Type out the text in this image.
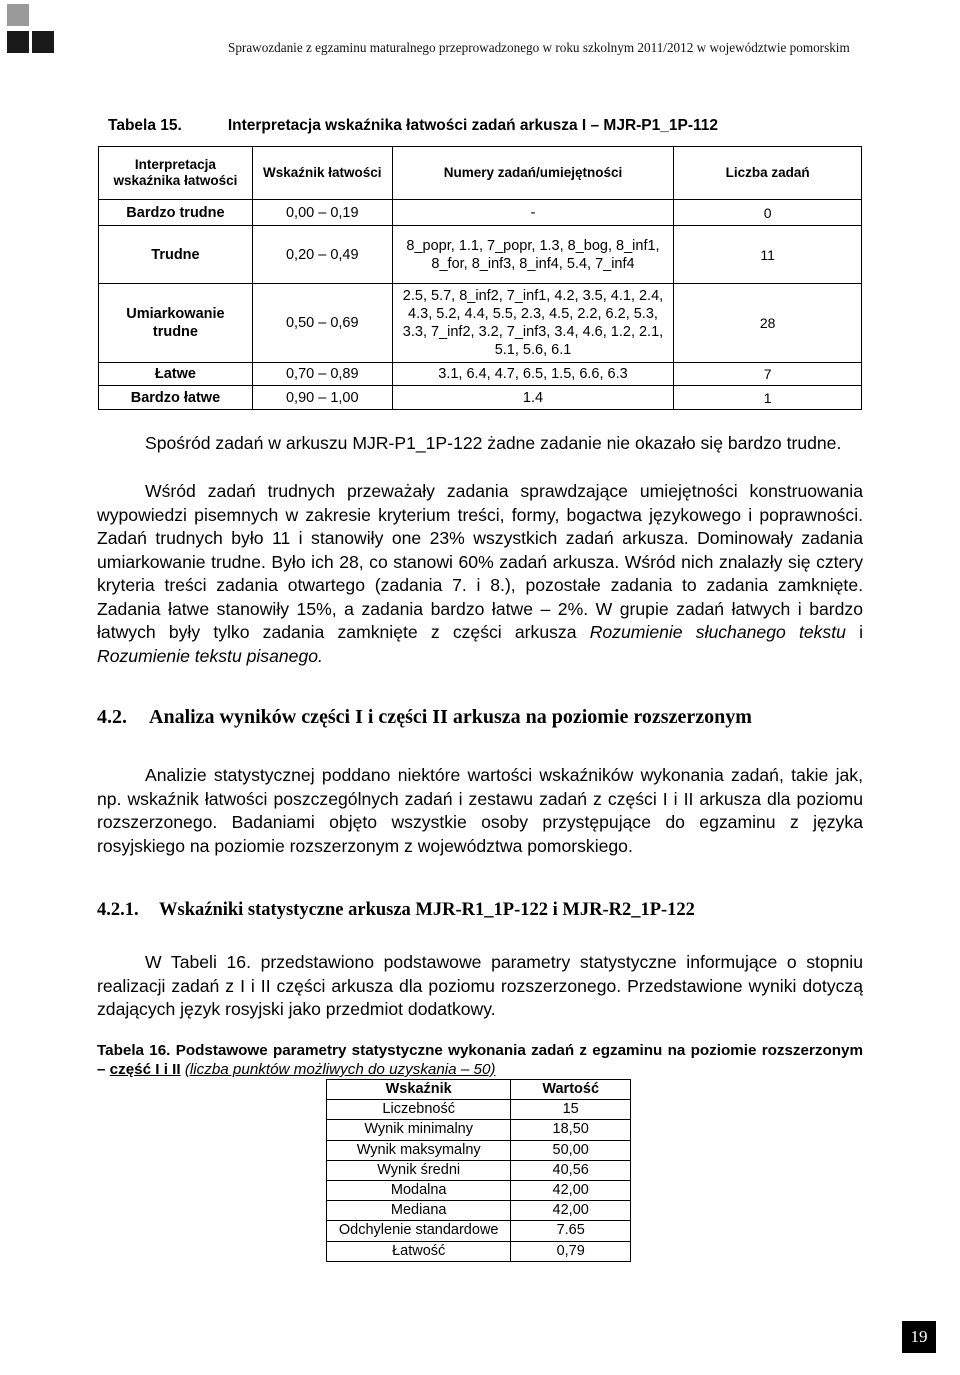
Sprawozdanie z egzaminu maturalnego przeprowadzonego w roku szkolnym 2011/2012 w województwie pomorskim
Tabela 15.	Interpretacja wskaźnika łatwości zadań arkusza I – MJR-P1_1P-112
Interpretacja wskaźnika łatwości	Wskaźnik łatwości	Numery zadań/umiejętności	Liczba zadań
Bardzo trudne	0,00 – 0,19	-	0
Trudne	0,20 – 0,49	8_popr, 1.1, 7_popr, 1.3, 8_bog, 8_inf1, 8_for, 8_inf3, 8_inf4, 5.4, 7_inf4	11
Umiarkowanie trudne	0,50 – 0,69	2.5, 5.7, 8_inf2, 7_inf1, 4.2, 3.5, 4.1, 2.4, 4.3, 5.2, 4.4, 5.5, 2.3, 4.5, 2.2, 6.2, 5.3, 3.3, 7_inf2, 3.2, 7_inf3, 3.4, 4.6, 1.2, 2.1, 5.1, 5.6, 6.1	28
Łatwe	0,70 – 0,89	3.1, 6.4, 4.7, 6.5, 1.5, 6.6, 6.3	7
Bardzo łatwe	0,90 – 1,00	1.4	1

Spośród zadań w arkuszu MJR-P1_1P-122 żadne zadanie nie okazało się bardzo trudne.

Wśród zadań trudnych przeważały zadania sprawdzające umiejętności konstruowania wypowiedzi pisemnych w zakresie kryterium treści, formy, bogactwa językowego i poprawności. Zadań trudnych było 11 i stanowiły one 23% wszystkich zadań arkusza. Dominowały zadania umiarkowanie trudne. Było ich 28, co stanowi 60% zadań arkusza. Wśród nich znalazły się cztery kryteria treści zadania otwartego (zadania 7. i 8.), pozostałe zadania to zadania zamknięte. Zadania łatwe stanowiły 15%, a zadania bardzo łatwe – 2%. W grupie zadań łatwych i bardzo łatwych były tylko zadania zamknięte z części arkusza Rozumienie słuchanego tekstu i Rozumienie tekstu pisanego.

4.2. Analiza wyników części I i części II arkusza na poziomie rozszerzonym

Analizie statystycznej poddano niektóre wartości wskaźników wykonania zadań, takie jak, np. wskaźnik łatwości poszczególnych zadań i zestawu zadań z części I i II arkusza dla poziomu rozszerzonego. Badaniami objęto wszystkie osoby przystępujące do egzaminu z języka rosyjskiego na poziomie rozszerzonym z województwa pomorskiego.

4.2.1. Wskaźniki statystyczne arkusza MJR-R1_1P-122 i MJR-R2_1P-122

W Tabeli 16. przedstawiono podstawowe parametry statystyczne informujące o stopniu realizacji zadań z I i II części arkusza dla poziomu rozszerzonego. Przedstawione wyniki dotyczą zdających język rosyjski jako przedmiot dodatkowy.

Tabela 16. Podstawowe parametry statystyczne wykonania zadań z egzaminu na poziomie rozszerzonym – część I i II (liczba punktów możliwych do uzyskania – 50)

Wskaźnik	Wartość
Liczebność	15
Wynik minimalny	18,50
Wynik maksymalny	50,00
Wynik średni	40,56
Modalna	42,00
Mediana	42,00
Odchylenie standardowe	7.65
Łatwość	0,79
19
